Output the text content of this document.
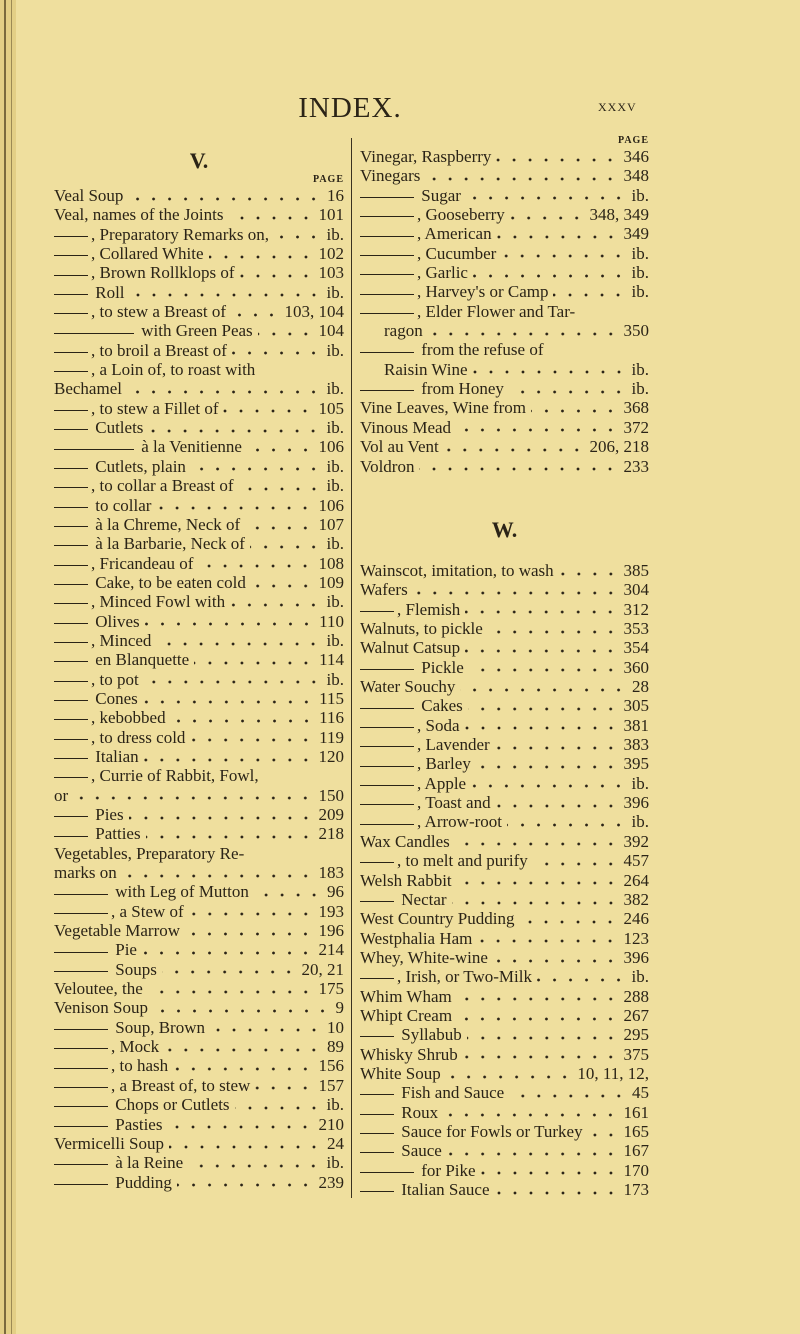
INDEX.	xxxv
V.
PAGE
Veal Soup	16
Veal, names of the Joints	101
, Preparatory Remarks on,	ib.
, Collared White	102
, Brown Rollklops of	103
Roll	ib.
, to stew a Breast of	103, 104
with Green Peas	104
, to broil a Breast of	ib.
, a Loin of, to roast with
Bechamel	ib.
, to stew a Fillet of	105
Cutlets	ib.
à la Venitienne	106
Cutlets, plain	ib.
, to collar a Breast of	ib.
to collar	106
à la Chreme, Neck of	107
à la Barbarie, Neck of	ib.
, Fricandeau of	108
Cake, to be eaten cold	109
, Minced Fowl with	ib.
Olives	110
, Minced	ib.
en Blanquette	114
, to pot	ib.
Cones	115
, kebobbed	116
, to dress cold	119
Italian	120
, Currie of Rabbit, Fowl,
or	150
Pies	209
Patties	218
Vegetables, Preparatory Re-
marks on	183
with Leg of Mutton	96
, a Stew of	193
Vegetable Marrow	196
Pie	214
Soups	20, 21
Veloutee, the	175
Venison Soup	9
Soup, Brown	10
, Mock	89
, to hash	156
, a Breast of, to stew	157
Chops or Cutlets	ib.
Pasties	210
Vermicelli Soup	24
à la Reine	ib.
Pudding	239
PAGE
Vinegar, Raspberry	346
Vinegars	348
Sugar	ib.
, Gooseberry	348, 349
, American	349
, Cucumber	ib.
, Garlic	ib.
, Harvey's or Camp	ib.
, Elder Flower and Tar-
ragon	350
from the refuse of
Raisin Wine	ib.
from Honey	ib.
Vine Leaves, Wine from	368
Vinous Mead	372
Vol au Vent	206, 218
Voldron	233
W.
Wainscot, imitation, to wash	385
Wafers	304
, Flemish	312
Walnuts, to pickle	353
Walnut Catsup	354
Pickle	360
Water Souchy	28
Cakes	305
, Soda	381
, Lavender	383
, Barley	395
, Apple	ib.
, Toast and	396
, Arrow-root	ib.
Wax Candles	392
, to melt and purify	457
Welsh Rabbit	264
Nectar	382
West Country Pudding	246
Westphalia Ham	123
Whey, White-wine	396
, Irish, or Two-Milk	ib.
Whim Wham	288
Whipt Cream	267
Syllabub	295
Whisky Shrub	375
White Soup	10, 11, 12,
Fish and Sauce	45
Roux	161
Sauce for Fowls or Turkey 165
Sauce	167
for Pike	170
Italian Sauce	173
